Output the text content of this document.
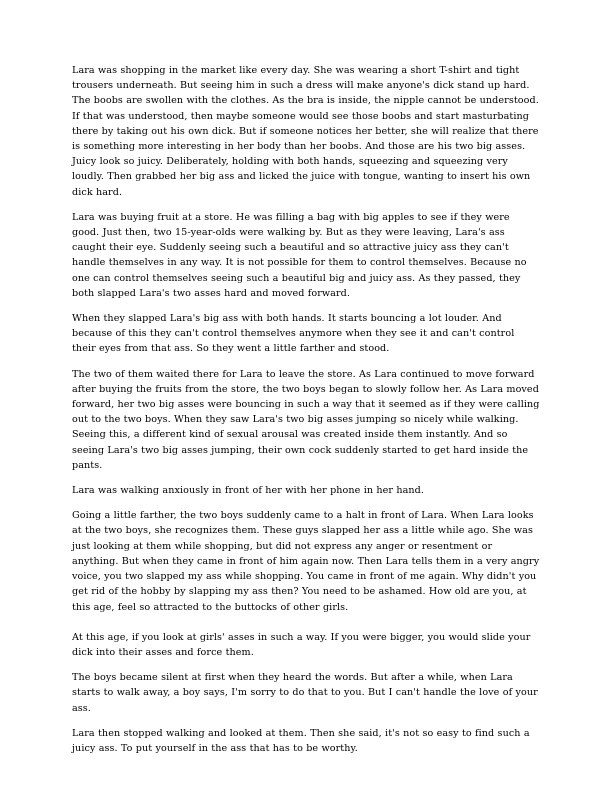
Lara was shopping in the market like every day. She was wearing a short T-shirt and tight trousers underneath. But seeing him in such a dress will make anyone's dick stand up hard. The boobs are swollen with the clothes. As the bra is inside, the nipple cannot be understood. If that was understood, then maybe someone would see those boobs and start masturbating there by taking out his own dick. But if someone notices her better, she will realize that there is something more interesting in her body than her boobs. And those are his two big asses. Juicy look so juicy. Deliberately, holding with both hands, squeezing and squeezing very loudly. Then grabbed her big ass and licked the juice with tongue, wanting to insert his own dick hard.

Lara was buying fruit at a store. He was filling a bag with big apples to see if they were good. Just then, two 15-year-olds were walking by. But as they were leaving, Lara's ass caught their eye. Suddenly seeing such a beautiful and so attractive juicy ass they can't handle themselves in any way. It is not possible for them to control themselves. Because no one can control themselves seeing such a beautiful big and juicy ass. As they passed, they both slapped Lara's two asses hard and moved forward.

When they slapped Lara's big ass with both hands. It starts bouncing a lot louder. And because of this they can't control themselves anymore when they see it and can't control their eyes from that ass. So they went a little farther and stood.

The two of them waited there for Lara to leave the store. As Lara continued to move forward after buying the fruits from the store, the two boys began to slowly follow her. As Lara moved forward, her two big asses were bouncing in such a way that it seemed as if they were calling out to the two boys. When they saw Lara's two big asses jumping so nicely while walking. Seeing this, a different kind of sexual arousal was created inside them instantly. And so seeing Lara's two big asses jumping, their own cock suddenly started to get hard inside the pants.

Lara was walking anxiously in front of her with her phone in her hand.

Going a little farther, the two boys suddenly came to a halt in front of Lara. When Lara looks at the two boys, she recognizes them. These guys slapped her ass a little while ago. She was just looking at them while shopping, but did not express any anger or resentment or anything. But when they came in front of him again now. Then Lara tells them in a very angry voice, you two slapped my ass while shopping. You came in front of me again. Why didn't you get rid of the hobby by slapping my ass then? You need to be ashamed. How old are you, at this age, feel so attracted to the buttocks of other girls.

At this age, if you look at girls' asses in such a way. If you were bigger, you would slide your dick into their asses and force them.

The boys became silent at first when they heard the words. But after a while, when Lara starts to walk away, a boy says, I'm sorry to do that to you. But I can't handle the love of your ass.

Lara then stopped walking and looked at them. Then she said, it's not so easy to find such a juicy ass. To put yourself in the ass that has to be worthy.
